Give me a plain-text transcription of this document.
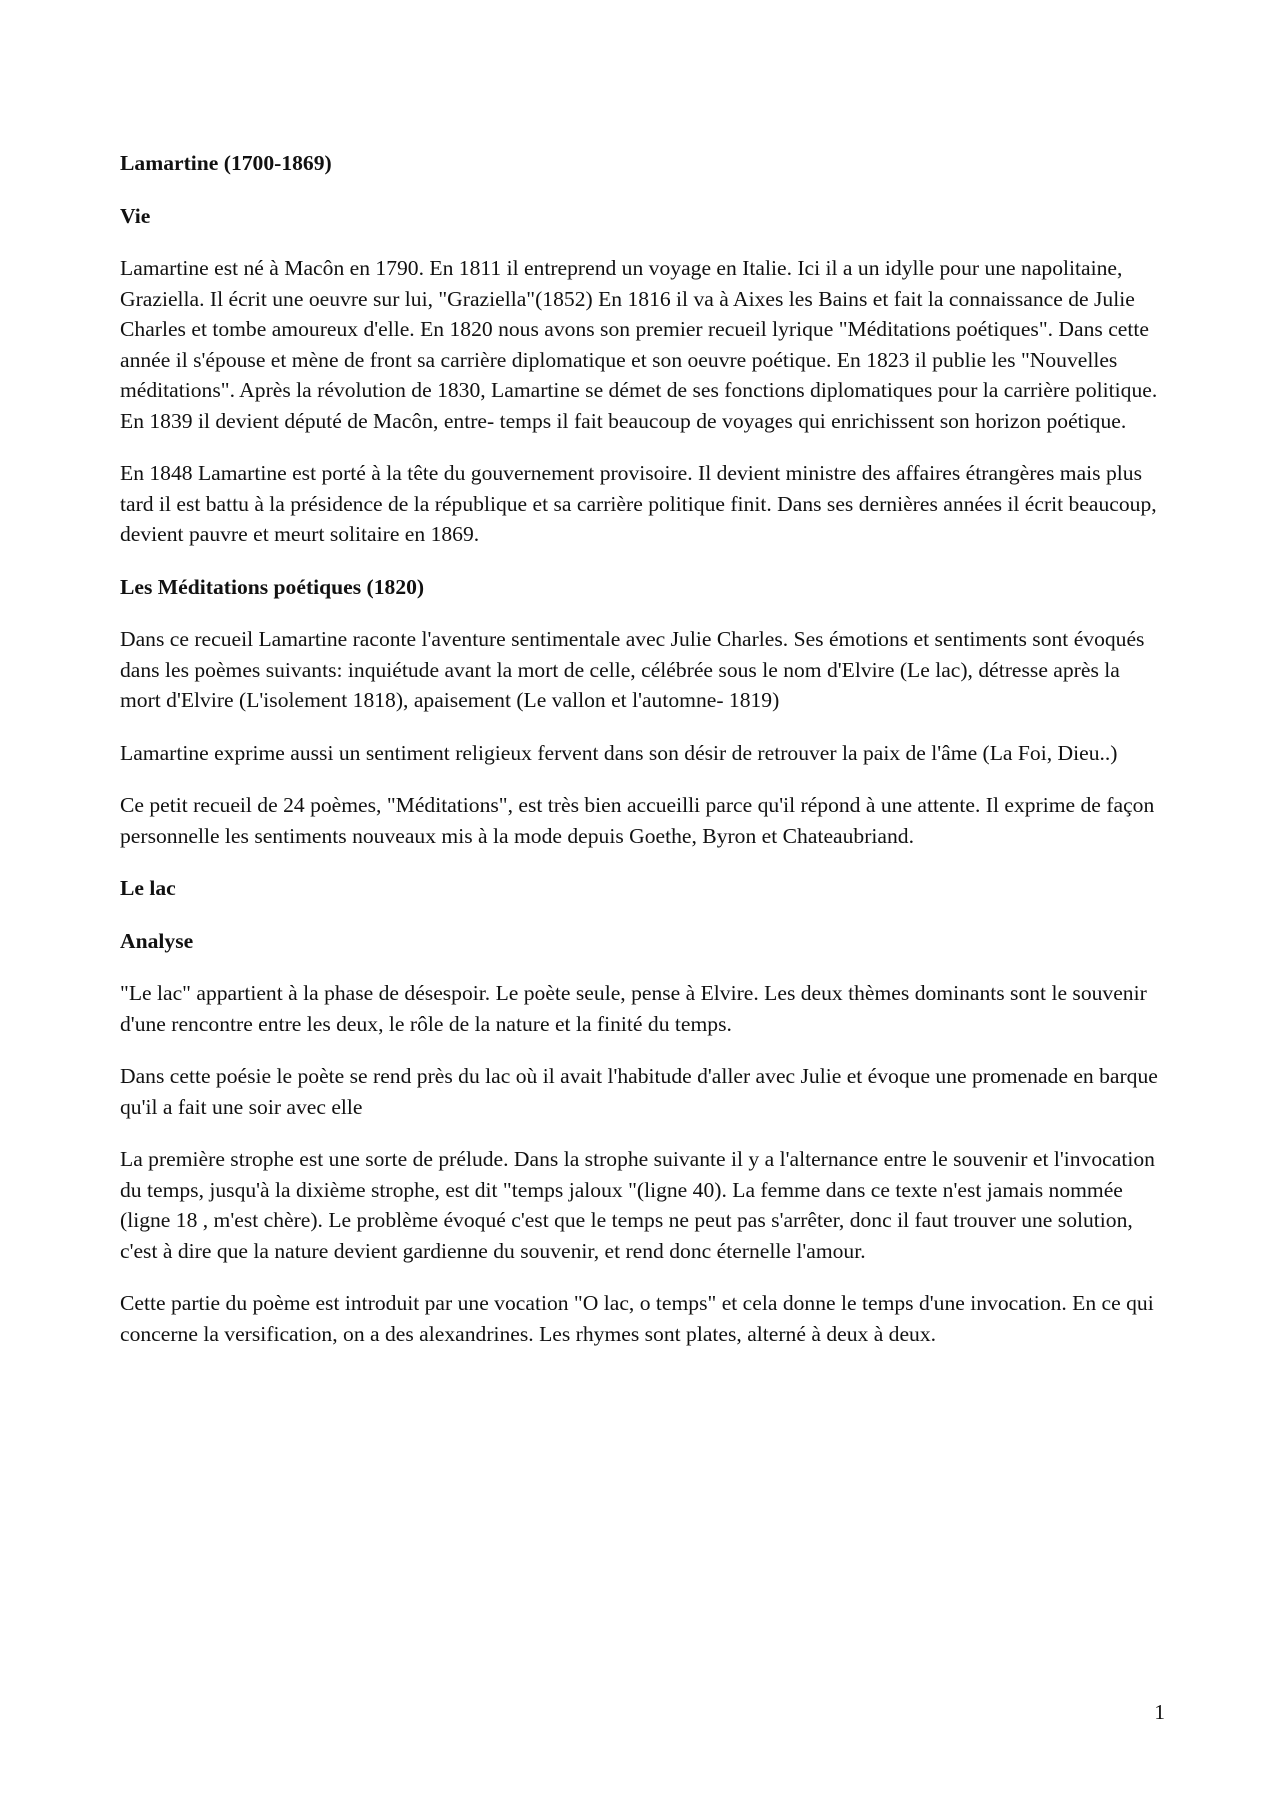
Lamartine (1700-1869)
Vie

Lamartine est né à Macôn en 1790. En 1811 il entreprend un voyage en Italie. Ici il a un idylle pour une napolitaine, Graziella. Il écrit une oeuvre sur lui, "Graziella"(1852) En 1816 il va à Aixes les Bains et fait la connaissance de Julie Charles et tombe amoureux d'elle. En 1820 nous avons son premier recueil lyrique "Méditations poétiques". Dans cette année il s'épouse et mène de front sa carrière diplomatique et son oeuvre poétique. En 1823 il publie les "Nouvelles méditations". Après la révolution de 1830, Lamartine se démet de ses fonctions diplomatiques pour la carrière politique. En 1839 il devient député de Macôn, entre- temps il fait beaucoup de voyages qui enrichissent son horizon poétique.

En 1848 Lamartine est porté à la tête du gouvernement provisoire. Il devient ministre des affaires étrangères mais plus tard il est battu à la présidence de la république et sa carrière politique finit. Dans ses dernières années il écrit beaucoup, devient pauvre et meurt solitaire en 1869.

Les Méditations poétiques (1820)

Dans ce recueil Lamartine raconte l'aventure sentimentale avec Julie Charles. Ses émotions et sentiments sont évoqués dans les poèmes suivants: inquiétude avant la mort de celle, célébrée sous le nom d'Elvire (Le lac), détresse après la mort d'Elvire (L'isolement 1818), apaisement (Le vallon et l'automne- 1819)

Lamartine exprime aussi un sentiment religieux fervent dans son désir de retrouver la paix de l'âme (La Foi, Dieu..)

Ce petit recueil de 24 poèmes, "Méditations", est très bien accueilli parce qu'il répond à une attente. Il exprime de façon personnelle les sentiments nouveaux mis à la mode depuis Goethe, Byron et Chateaubriand.

Le lac
Analyse

"Le lac" appartient à la phase de désespoir. Le poète seule, pense à Elvire. Les deux thèmes dominants sont le souvenir d'une rencontre entre les deux, le rôle de la nature et la finité du temps.

Dans cette poésie le poète se rend près du lac où il avait l'habitude d'aller avec Julie et évoque une promenade en barque qu'il a fait une soir avec elle

La première strophe est une sorte de prélude. Dans la strophe suivante il y a l'alternance entre le souvenir et l'invocation du temps, jusqu'à la dixième strophe, est dit "temps jaloux "(ligne 40). La femme dans ce texte n'est jamais nommée (ligne 18 , m'est chère). Le problème évoqué c'est que le temps ne peut pas s'arrêter, donc il faut trouver une solution, c'est à dire que la nature devient gardienne du souvenir, et rend donc éternelle l'amour.

Cette partie du poème est introduit par une vocation "O lac, o temps" et cela donne le temps d'une invocation. En ce qui concerne la versification, on a des alexandrines. Les rhymes sont plates, alterné à deux à deux.

1
